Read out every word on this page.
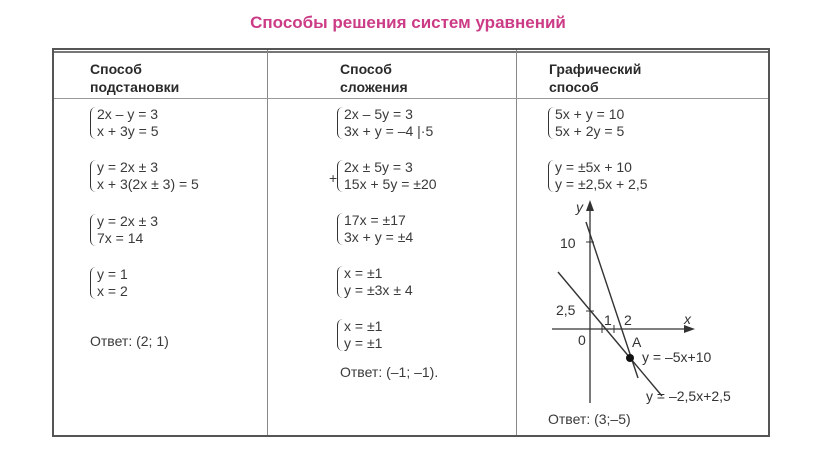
Способы решения систем уравнений
Способ
подстановки
Способ
сложения
Графический
способ
2x – y = 3
x + 3y = 5
y = 2x ± 3
x + 3(2x ± 3) = 5
y = 2x ± 3
7x = 14
y = 1
x = 2
Ответ: (2; 1)
2x – 5y = 3
3x + y = –4 |·5
+
2x ± 5y = 3
15x + 5y = ±20
17x = ±17
3x + y = ±4
x = ±1
y = ±3x ± 4
x = ±1
y = ±1
Ответ: (–1; –1).
5x + y = 10
5x + 2y = 5
y = ±5x + 10
y = ±2,5x + 2,5
y
x
10
2,5
1 2
0	A
y = –5x+10
y = –2,5x+2,5
Ответ: (3;–5)
